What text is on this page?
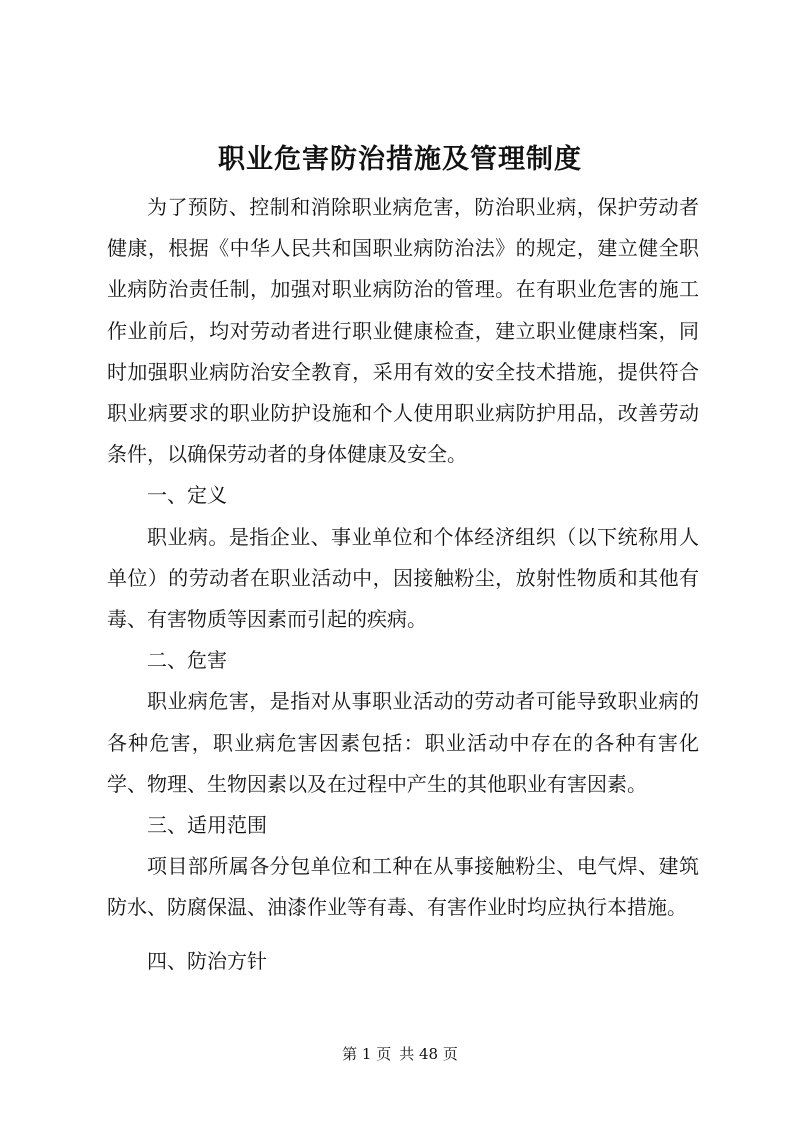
职业危害防治措施及管理制度

为了预防、控制和消除职业病危害，防治职业病，保护劳动者健康，根据《中华人民共和国职业病防治法》的规定，建立健全职业病防治责任制，加强对职业病防治的管理。在有职业危害的施工作业前后，均对劳动者进行职业健康检查，建立职业健康档案，同时加强职业病防治安全教育，采用有效的安全技术措施，提供符合职业病要求的职业防护设施和个人使用职业病防护用品，改善劳动条件，以确保劳动者的身体健康及安全。

一、定义

职业病。是指企业、事业单位和个体经济组织（以下统称用人单位）的劳动者在职业活动中，因接触粉尘，放射性物质和其他有毒、有害物质等因素而引起的疾病。

二、危害

职业病危害，是指对从事职业活动的劳动者可能导致职业病的各种危害，职业病危害因素包括：职业活动中存在的各种有害化学、物理、生物因素以及在过程中产生的其他职业有害因素。

三、适用范围

项目部所属各分包单位和工种在从事接触粉尘、电气焊、建筑防水、防腐保温、油漆作业等有毒、有害作业时均应执行本措施。

四、防治方针

第 1 页 共 48 页
